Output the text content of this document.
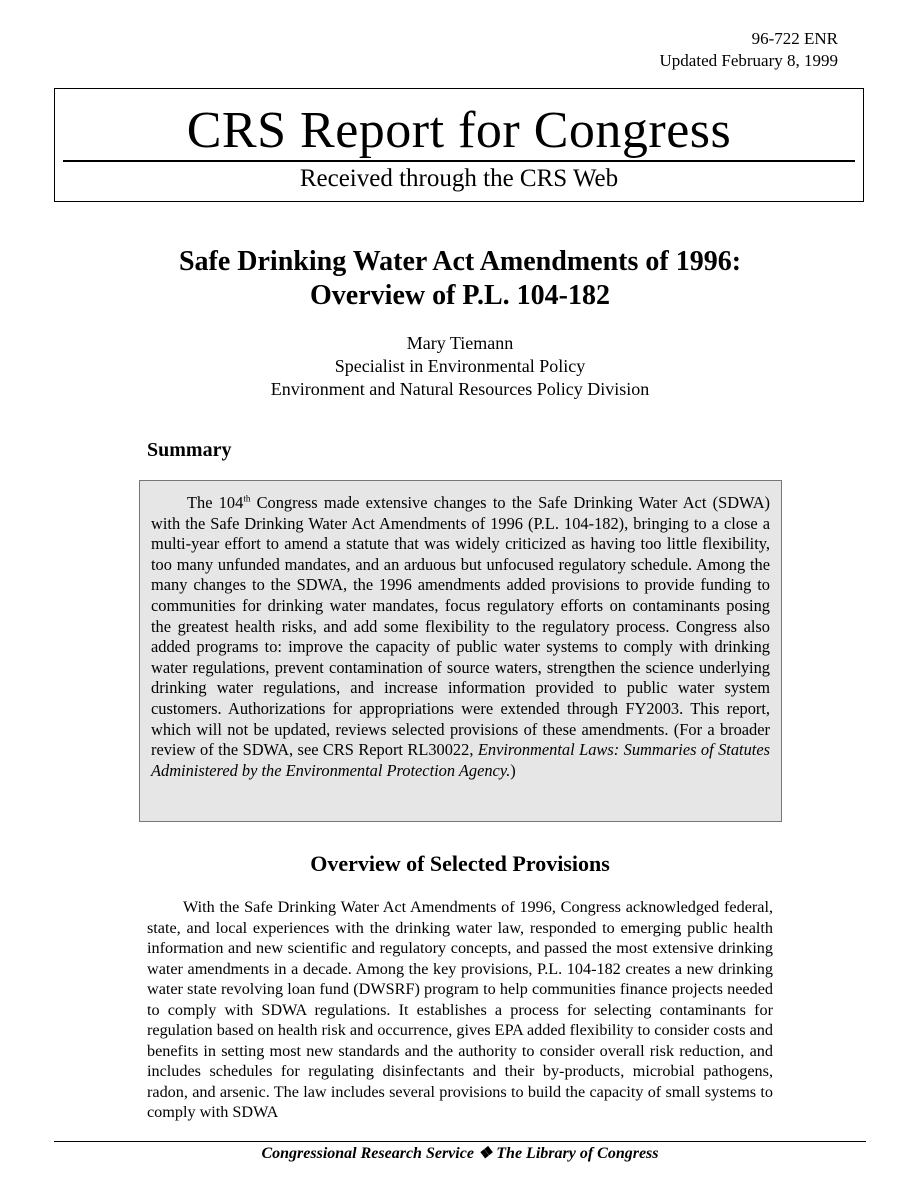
96-722 ENR
Updated February 8, 1999
CRS Report for Congress
Received through the CRS Web
Safe Drinking Water Act Amendments of 1996:
Overview of P.L. 104-182
Mary Tiemann
Specialist in Environmental Policy
Environment and Natural Resources Policy Division
Summary

The 104th Congress made extensive changes to the Safe Drinking Water Act (SDWA) with the Safe Drinking Water Act Amendments of 1996 (P.L. 104-182), bringing to a close a multi-year effort to amend a statute that was widely criticized as having too little flexibility, too many unfunded mandates, and an arduous but unfocused regulatory schedule. Among the many changes to the SDWA, the 1996 amendments added provisions to provide funding to communities for drinking water mandates, focus regulatory efforts on contaminants posing the greatest health risks, and add some flexibility to the regulatory process. Congress also added programs to: improve the capacity of public water systems to comply with drinking water regulations, prevent contamination of source waters, strengthen the science underlying drinking water regulations, and increase information provided to public water system customers. Authorizations for appropriations were extended through FY2003. This report, which will not be updated, reviews selected provisions of these amendments. (For a broader review of the SDWA, see CRS Report RL30022, Environmental Laws: Summaries of Statutes Administered by the Environmental Protection Agency.)

Overview of Selected Provisions

With the Safe Drinking Water Act Amendments of 1996, Congress acknowledged federal, state, and local experiences with the drinking water law, responded to emerging public health information and new scientific and regulatory concepts, and passed the most extensive drinking water amendments in a decade. Among the key provisions, P.L. 104-182 creates a new drinking water state revolving loan fund (DWSRF) program to help communities finance projects needed to comply with SDWA regulations. It establishes a process for selecting contaminants for regulation based on health risk and occurrence, gives EPA added flexibility to consider costs and benefits in setting most new standards and the authority to consider overall risk reduction, and includes schedules for regulating disinfectants and their by-products, microbial pathogens, radon, and arsenic. The law includes several provisions to build the capacity of small systems to comply with SDWA

Congressional Research Service ❖ The Library of Congress
